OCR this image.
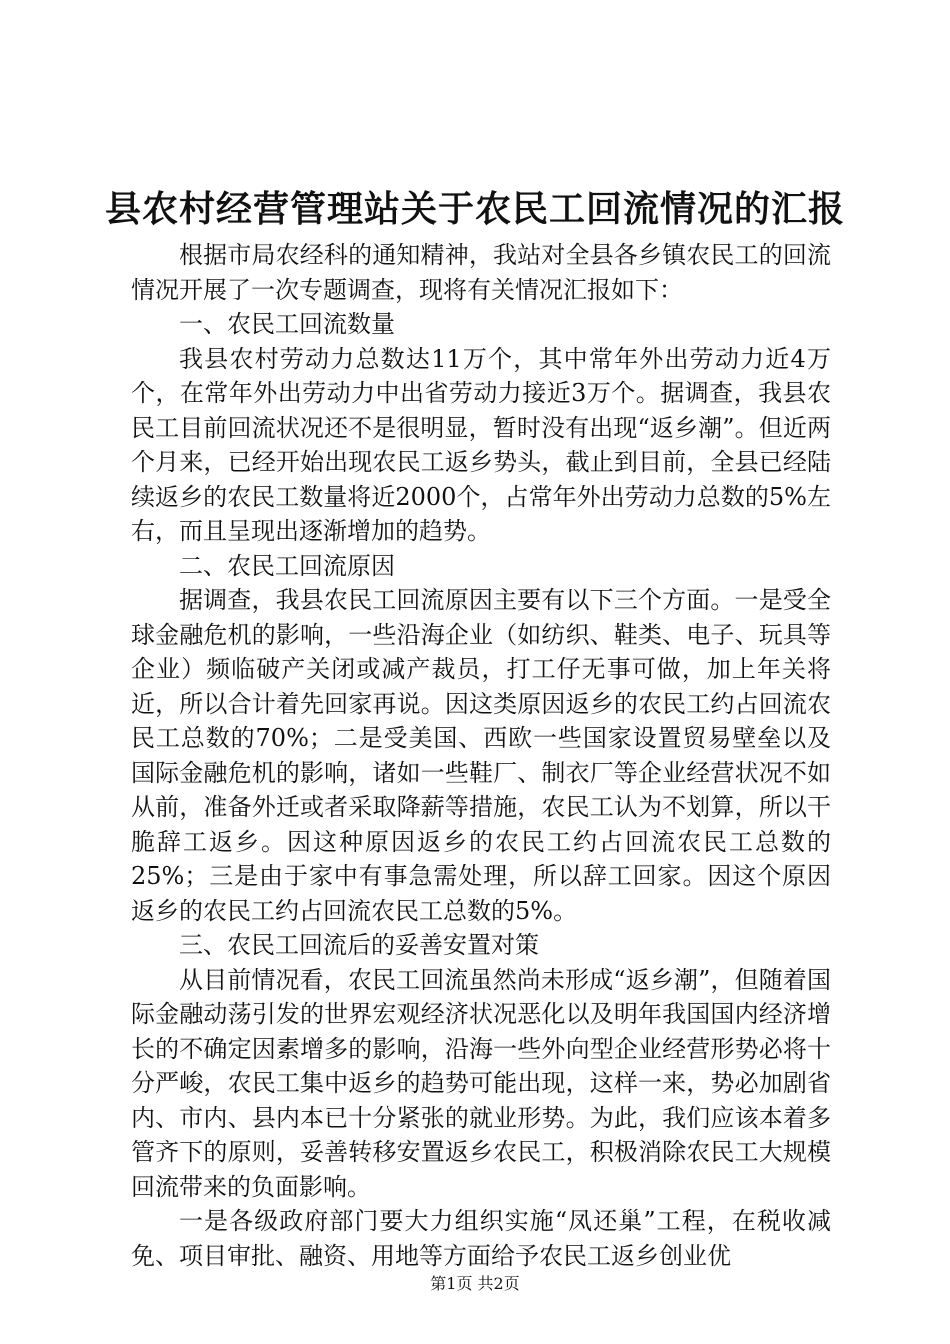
县农村经营管理站关于农民工回流情况的汇报

根据市局农经科的通知精神，我站对全县各乡镇农民工的回流情况开展了一次专题调查，现将有关情况汇报如下：

一、农民工回流数量

我县农村劳动力总数达11万个，其中常年外出劳动力近4万个，在常年外出劳动力中出省劳动力接近3万个。据调查，我县农民工目前回流状况还不是很明显，暂时没有出现“返乡潮”。但近两个月来，已经开始出现农民工返乡势头，截止到目前，全县已经陆续返乡的农民工数量将近2000个，占常年外出劳动力总数的5%左右，而且呈现出逐渐增加的趋势。

二、农民工回流原因

据调查，我县农民工回流原因主要有以下三个方面。一是受全球金融危机的影响，一些沿海企业（如纺织、鞋类、电子、玩具等企业）频临破产关闭或减产裁员，打工仔无事可做，加上年关将近，所以合计着先回家再说。因这类原因返乡的农民工约占回流农民工总数的70%；二是受美国、西欧一些国家设置贸易壁垒以及国际金融危机的影响，诸如一些鞋厂、制衣厂等企业经营状况不如从前，准备外迁或者采取降薪等措施，农民工认为不划算，所以干脆辞工返乡。因这种原因返乡的农民工约占回流农民工总数的25%；三是由于家中有事急需处理，所以辞工回家。因这个原因返乡的农民工约占回流农民工总数的5%。

三、农民工回流后的妥善安置对策

从目前情况看，农民工回流虽然尚未形成“返乡潮”，但随着国际金融动荡引发的世界宏观经济状况恶化以及明年我国国内经济增长的不确定因素增多的影响，沿海一些外向型企业经营形势必将十分严峻，农民工集中返乡的趋势可能出现，这样一来，势必加剧省内、市内、县内本已十分紧张的就业形势。为此，我们应该本着多管齐下的原则，妥善转移安置返乡农民工，积极消除农民工大规模回流带来的负面影响。

一是各级政府部门要大力组织实施“凤还巢”工程，在税收减免、项目审批、融资、用地等方面给予农民工返乡创业优

第1页 共2页
